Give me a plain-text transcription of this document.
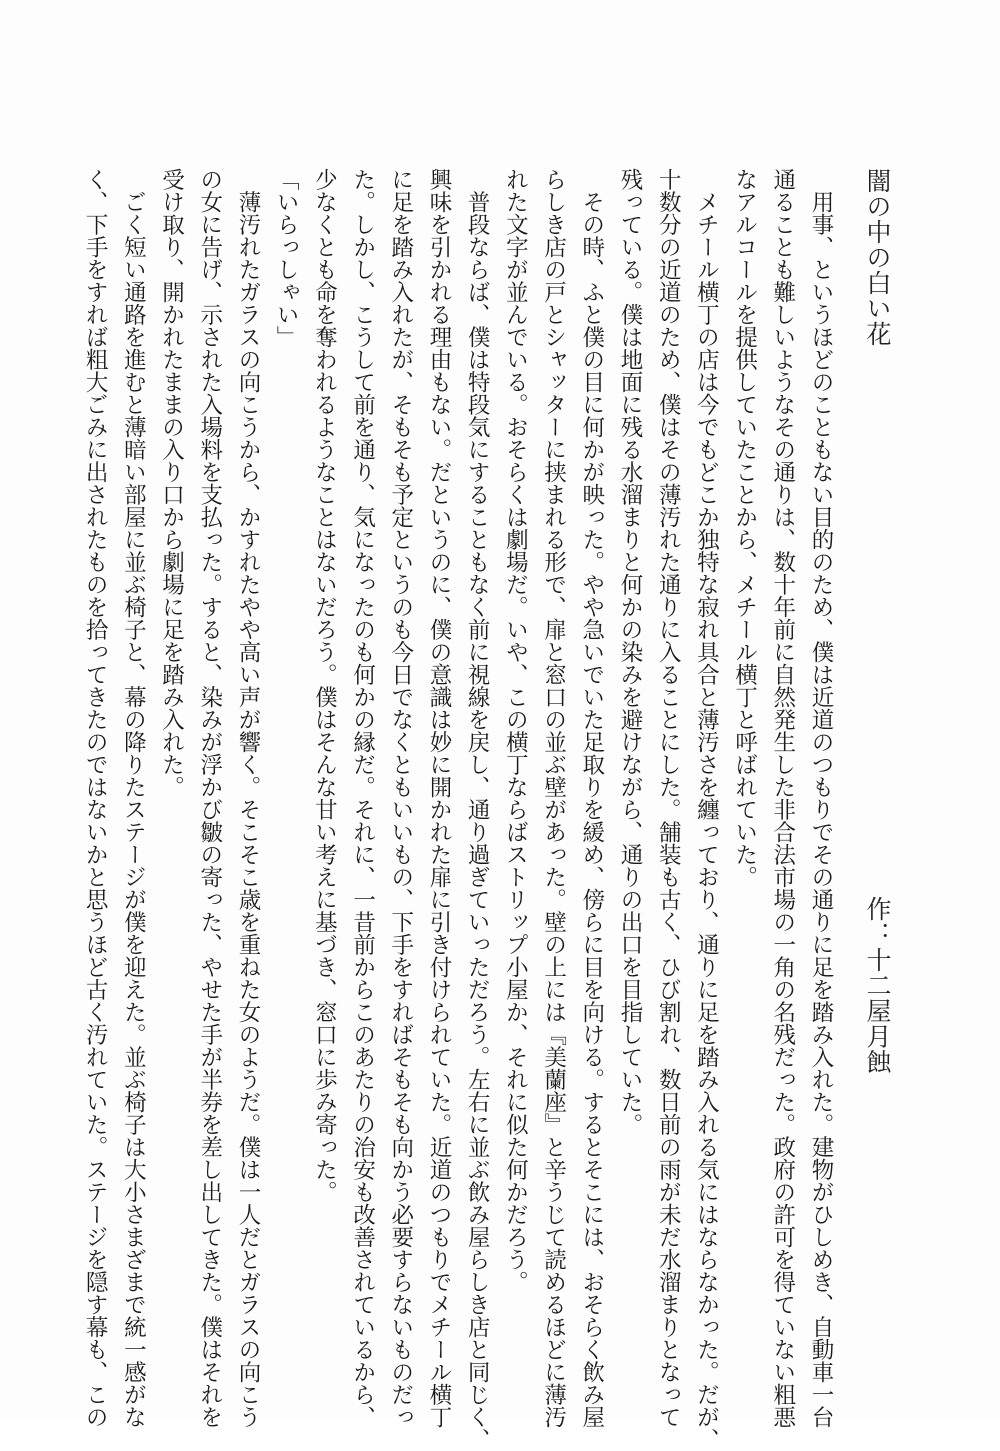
闇の中の白い花
作：十二屋月蝕

　用事、というほどのこともない目的のため、僕は近道のつもりでその通りに足を踏み入れた。建物がひしめき、自動車一台

通ることも難しいようなその通りは、数十年前に自然発生した非合法市場の一角の名残だった。政府の許可を得ていない粗悪

なアルコールを提供していたことから、メチール横丁と呼ばれていた。

　メチール横丁の店は今でもどこか独特な寂れ具合と薄汚さを纏っており、通りに足を踏み入れる気にはならなかった。だが、

十数分の近道のため、僕はその薄汚れた通りに入ることにした。舗装も古く、ひび割れ、数日前の雨が未だ水溜まりとなって

残っている。僕は地面に残る水溜まりと何かの染みを避けながら、通りの出口を目指していた。

　その時、ふと僕の目に何かが映った。やや急いでいた足取りを緩め、傍らに目を向ける。するとそこには、おそらく飲み屋

らしき店の戸とシャッターに挟まれる形で、扉と窓口の並ぶ壁があった。壁の上には『美蘭座』と辛うじて読めるほどに薄汚

れた文字が並んでいる。おそらくは劇場だ。いや、この横丁ならばストリップ小屋か、それに似た何かだろう。

　普段ならば、僕は特段気にすることもなく前に視線を戻し、通り過ぎていっただろう。左右に並ぶ飲み屋らしき店と同じく、

興味を引かれる理由もない。だというのに、僕の意識は妙に開かれた扉に引き付けられていた。近道のつもりでメチール横丁

に足を踏み入れたが、そもそも予定というのも今日でなくともいいもの、下手をすればそもそも向かう必要すらないものだっ

た。しかし、こうして前を通り、気になったのも何かの縁だ。それに、一昔前からこのあたりの治安も改善されているから、

少なくとも命を奪われるようなことはないだろう。僕はそんな甘い考えに基づき、窓口に歩み寄った。

「いらっしゃい」

　薄汚れたガラスの向こうから、かすれたやや高い声が響く。そこそこ歳を重ねた女のようだ。僕は一人だとガラスの向こう

の女に告げ、示された入場料を支払った。すると、染みが浮かび皺の寄った、やせた手が半券を差し出してきた。僕はそれを

受け取り、開かれたままの入り口から劇場に足を踏み入れた。

　ごく短い通路を進むと薄暗い部屋に並ぶ椅子と、幕の降りたステージが僕を迎えた。並ぶ椅子は大小さまざまで統一感がな

く、下手をすれば粗大ごみに出されたものを拾ってきたのではないかと思うほど古く汚れていた。ステージを隠す幕も、この
